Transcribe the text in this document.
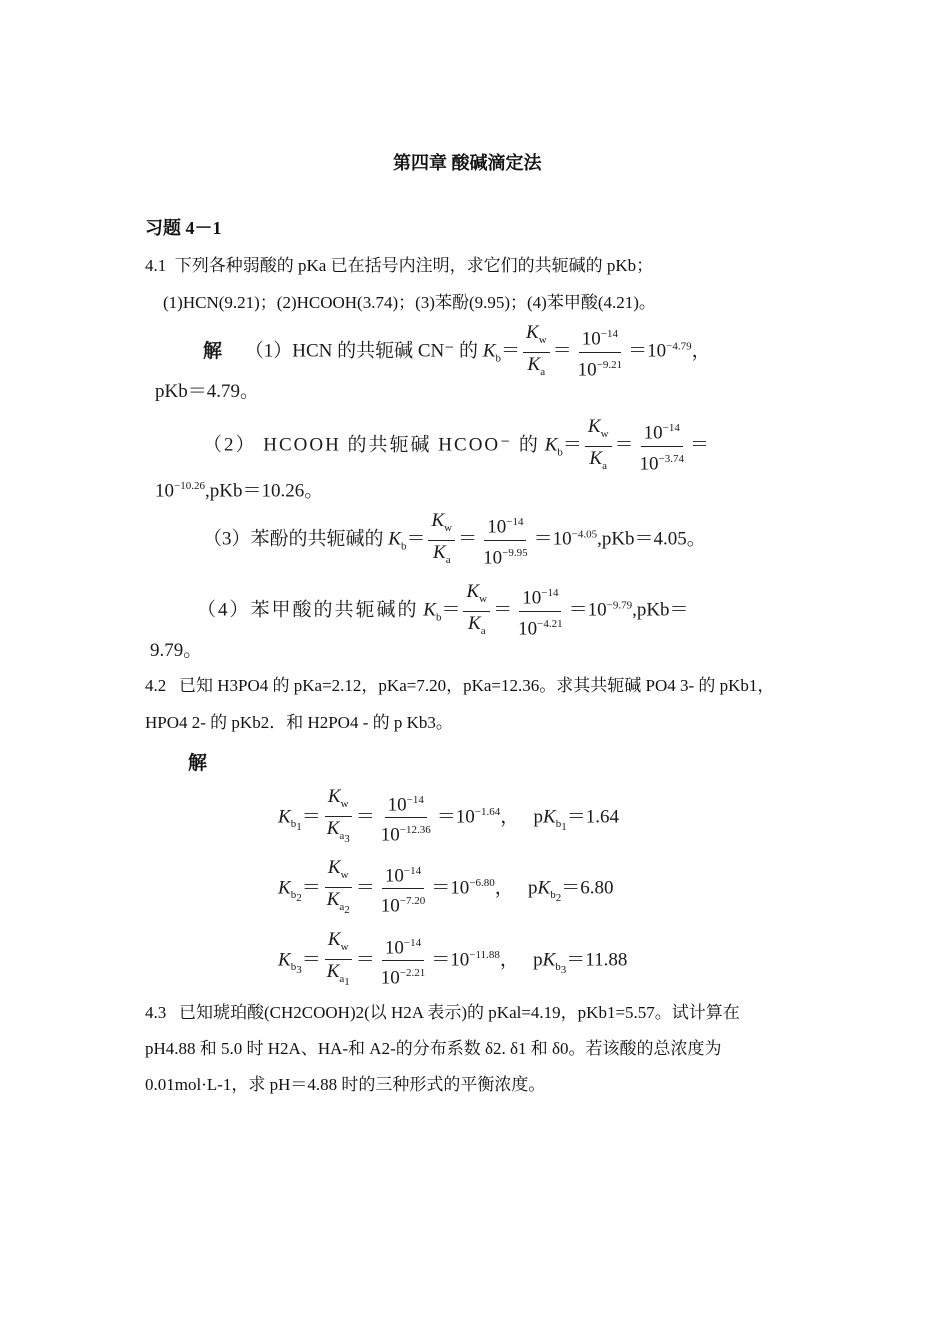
第四章 酸碱滴定法
习题 4－1
4.1 下列各种弱酸的 pKa 已在括号内注明，求它们的共轭碱的 pKb；
(1)HCN(9.21)；(2)HCOOH(3.74)；(3)苯酚(9.95)；(4)苯甲酸(4.21)。
解 （1）HCN 的共轭碱 CN⁻ 的 $K_b= \frac{K_w}{K_a} = \frac{10^{-14}}{10^{-9.21}} =10^{-4.79}$，
pKb＝4.79。
（2） HCOOH 的共轭碱 HCOO⁻ 的 $K_b= \frac{K_w}{K_a} = \frac{10^{-14}}{10^{-3.74}}$ ＝
$10^{-10.26},pKb=10.26$。
（3）苯酚的共轭碱的 $K_b= \frac{K_w}{K_a} = \frac{10^{-14}}{10^{-9.95}} =10^{-4.05},pKb=4.05$。
（4）苯甲酸的共轭碱的 $K_b= \frac{K_w}{K_a} = \frac{10^{-14}}{10^{-4.21}} =10^{-9.79},pKb=$
9.79。
4.2 已知 H3PO4 的 pKa=2.12，pKa=7.20，pKa=12.36。求其共轭碱 PO4 3- 的 pKb1，
HPO4 2- 的 pKb2．和 H2PO4 - 的 p Kb3。
解
$K_{b_1}= \frac{K_w}{K_{a_3}} = \frac{10^{-14}}{10^{-12.36}} =10^{-1.64}$，   $pK_{b_1}=1.64$
$K_{b_2}= \frac{K_w}{K_{a_2}} = \frac{10^{-14}}{10^{-7.20}} =10^{-6.80}$，   $pK_{b_2}=6.80$
$K_{b_3}= \frac{K_w}{K_{a_1}} = \frac{10^{-14}}{10^{-2.21}} =10^{-11.88}$，   $pK_{b_3}=11.88$
4.3 已知琥珀酸(CH2COOH)2(以 H2A 表示)的 pKal=4.19，pKb1=5.57。试计算在
pH4.88 和 5.0 时 H2A、HA-和 A2-的分布系数 δ2. δ1 和 δ0。若该酸的总浓度为
0.01mol·L-1，求 pH＝4.88 时的三种形式的平衡浓度。
